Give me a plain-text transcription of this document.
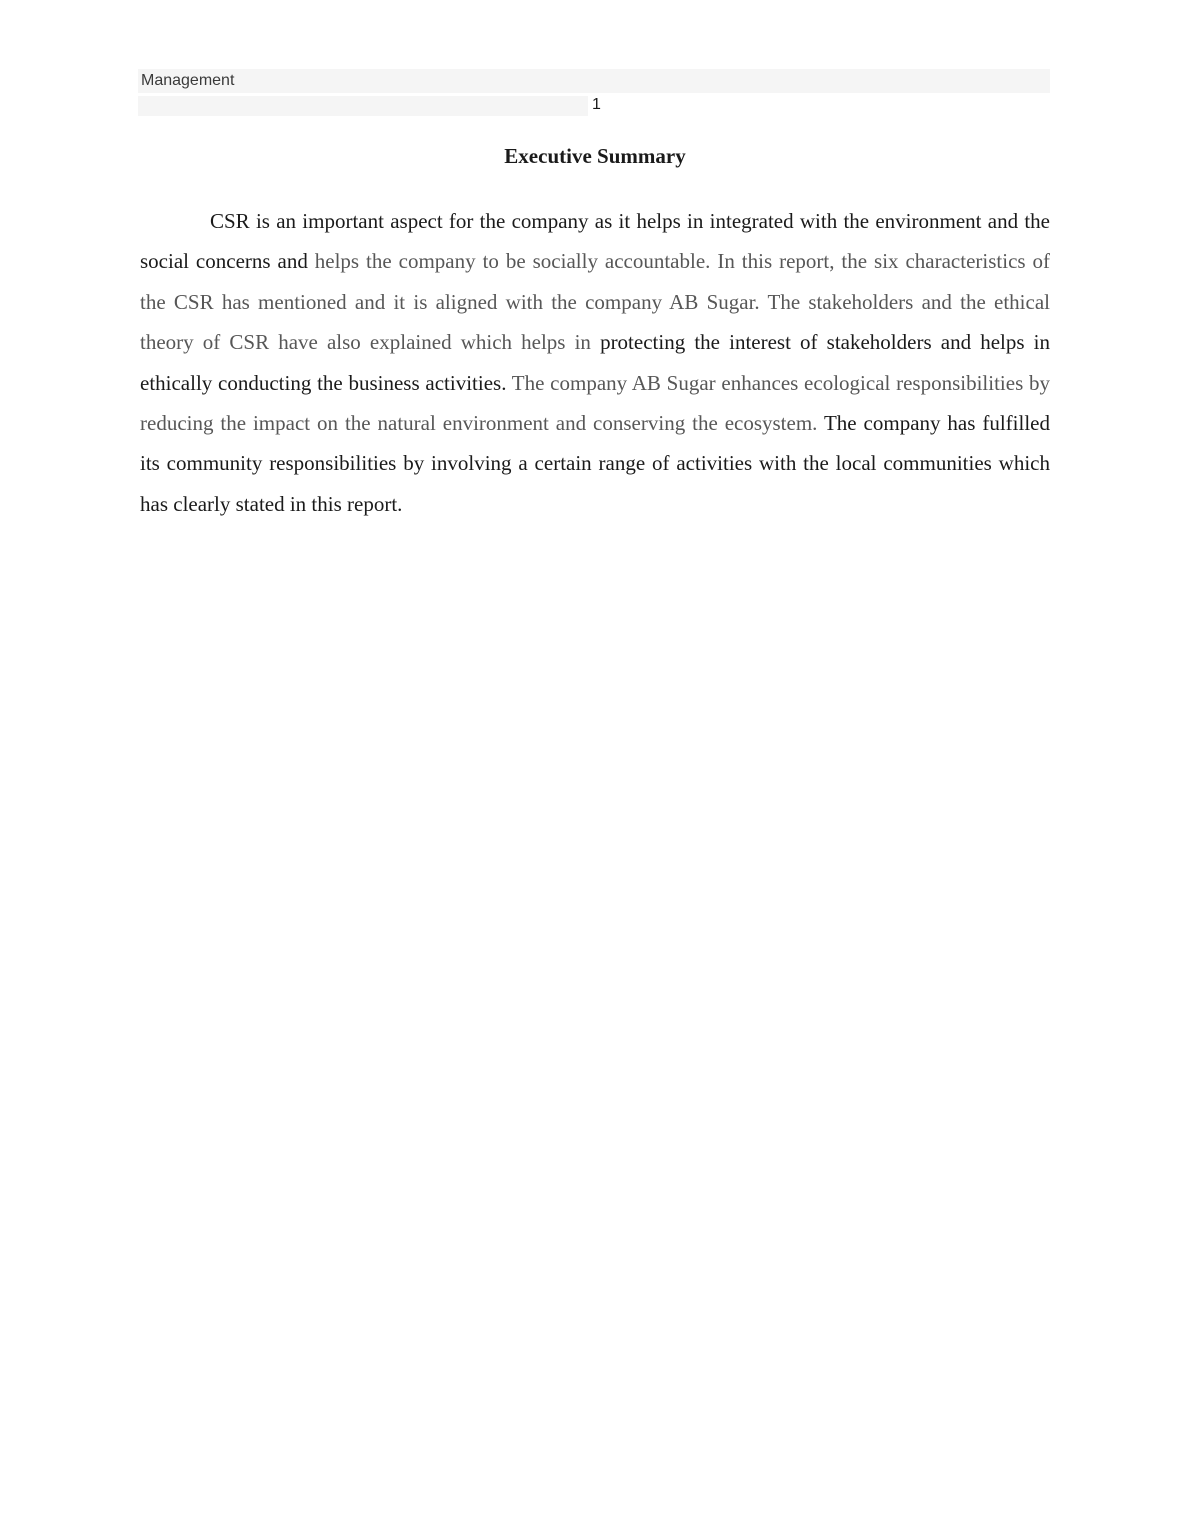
Management
1
Executive Summary

CSR is an important aspect for the company as it helps in integrated with the environment and the social concerns and helps the company to be socially accountable. In this report, the six characteristics of the CSR has mentioned and it is aligned with the company AB Sugar. The stakeholders and the ethical theory of CSR have also explained which helps in protecting the interest of stakeholders and helps in ethically conducting the business activities. The company AB Sugar enhances ecological responsibilities by reducing the impact on the natural environment and conserving the ecosystem. The company has fulfilled its community responsibilities by involving a certain range of activities with the local communities which has clearly stated in this report.
